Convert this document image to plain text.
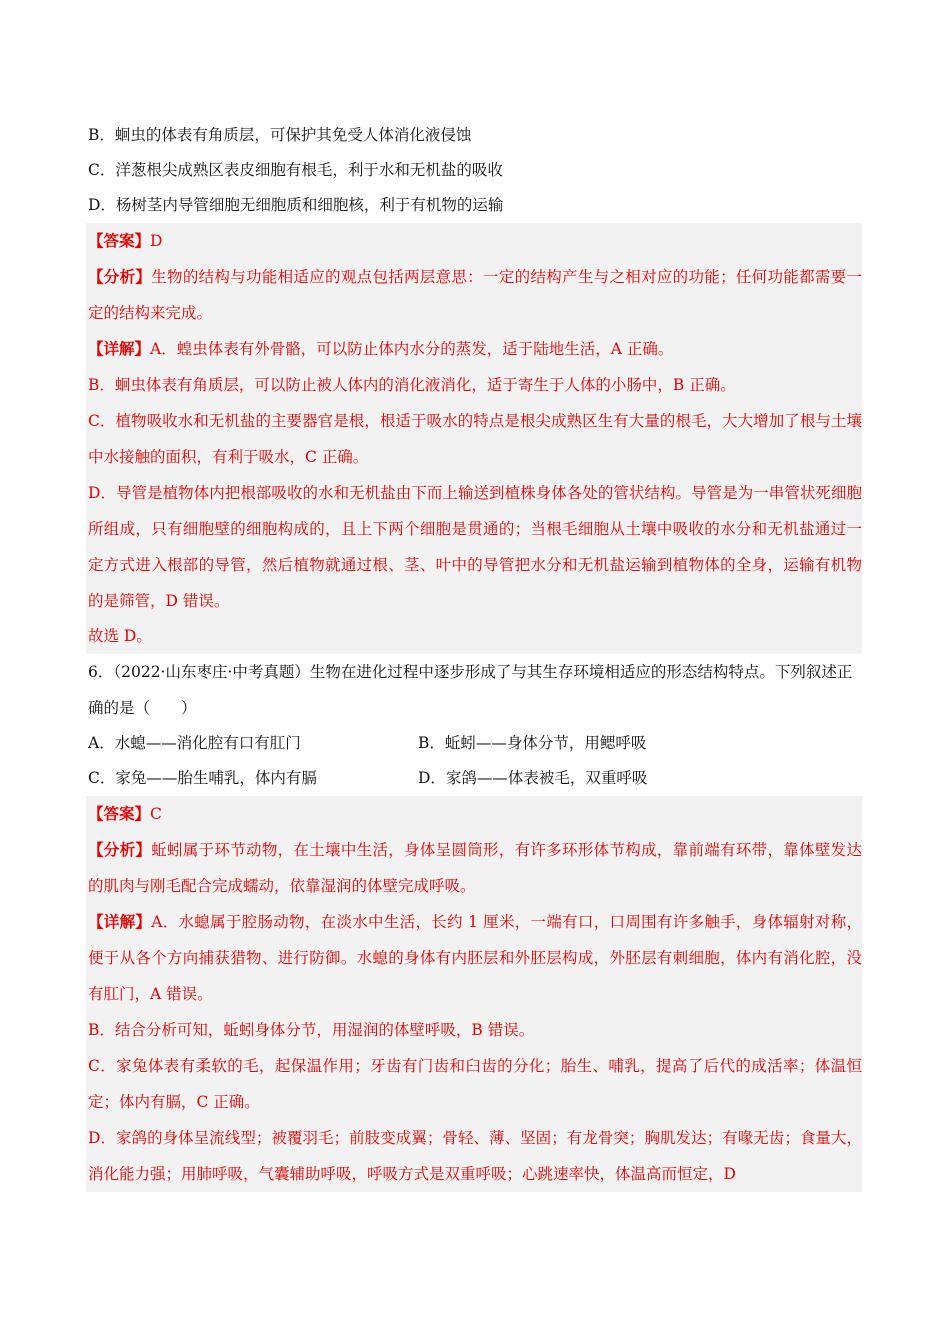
B．蛔虫的体表有角质层，可保护其免受人体消化液侵蚀
C．洋葱根尖成熟区表皮细胞有根毛，利于水和无机盐的吸收
D．杨树茎内导管细胞无细胞质和细胞核，利于有机物的运输
【答案】D
【分析】生物的结构与功能相适应的观点包括两层意思：一定的结构产生与之相对应的功能；任何功能都需要一定的结构来完成。
【详解】A．蝗虫体表有外骨骼，可以防止体内水分的蒸发，适于陆地生活，A 正确。
B．蛔虫体表有角质层，可以防止被人体内的消化液消化，适于寄生于人体的小肠中，B 正确。
C．植物吸收水和无机盐的主要器官是根，根适于吸水的特点是根尖成熟区生有大量的根毛，大大增加了根与土壤中水接触的面积，有利于吸水，C 正确。
D．导管是植物体内把根部吸收的水和无机盐由下而上输送到植株身体各处的管状结构。导管是为一串管状死细胞所组成，只有细胞壁的细胞构成的，且上下两个细胞是贯通的；当根毛细胞从土壤中吸收的水分和无机盐通过一定方式进入根部的导管，然后植物就通过根、茎、叶中的导管把水分和无机盐运输到植物体的全身，运输有机物的是筛管，D 错误。
故选 D。
6．（2022·山东枣庄·中考真题）生物在进化过程中逐步形成了与其生存环境相适应的形态结构特点。下列叙述正确的是（　　）
A．水螅——消化腔有口有肛门	B．蚯蚓——身体分节，用鳃呼吸
C．家兔——胎生哺乳，体内有膈	D．家鸽——体表被毛，双重呼吸
【答案】C
【分析】蚯蚓属于环节动物，在土壤中生活，身体呈圆筒形，有许多环形体节构成，靠前端有环带，靠体壁发达的肌肉与刚毛配合完成蠕动，依靠湿润的体壁完成呼吸。
【详解】A．水螅属于腔肠动物，在淡水中生活，长约 1 厘米，一端有口，口周围有许多触手，身体辐射对称，便于从各个方向捕获猎物、进行防御。水螅的身体有内胚层和外胚层构成，外胚层有刺细胞，体内有消化腔，没有肛门，A 错误。
B．结合分析可知，蚯蚓身体分节，用湿润的体壁呼吸，B 错误。
C．家兔体表有柔软的毛，起保温作用；牙齿有门齿和臼齿的分化；胎生、哺乳，提高了后代的成活率；体温恒定；体内有膈，C 正确。
D．家鸽的身体呈流线型；被覆羽毛；前肢变成翼；骨轻、薄、坚固；有龙骨突；胸肌发达；有喙无齿；食量大，消化能力强；用肺呼吸，气囊辅助呼吸，呼吸方式是双重呼吸；心跳速率快，体温高而恒定，D
